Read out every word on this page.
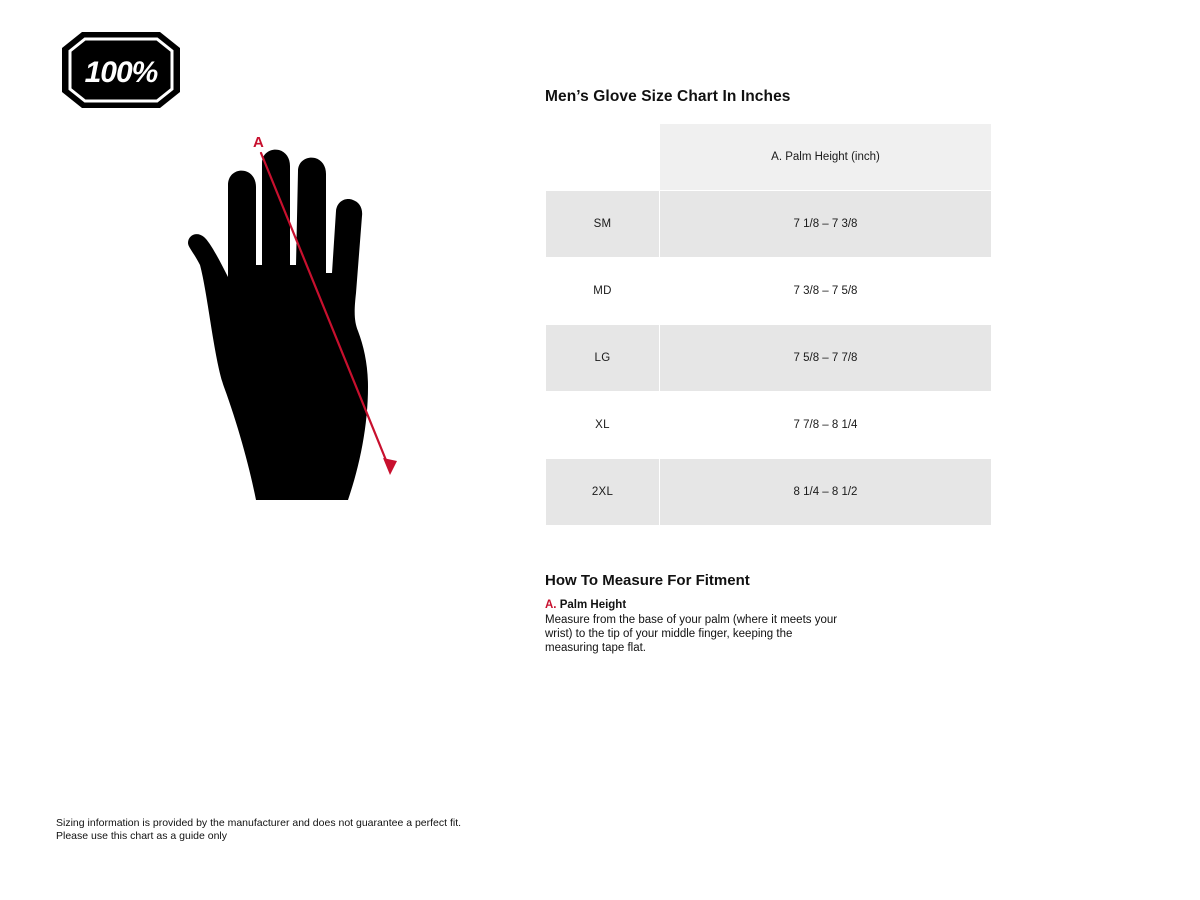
100%
A
Men’s Glove Size Chart In Inches
	A. Palm Height (inch)
SM	7 1/8 – 7 3/8
MD	7 3/8 – 7 5/8
LG	7 5/8 – 7 7/8
XL	7 7/8 – 8 1/4
2XL	8 1/4 – 8 1/2
How To Measure For Fitment
A. Palm Height
Measure from the base of your palm (where it meets your wrist) to the tip of your middle finger, keeping the measuring tape flat.
Sizing information is provided by the manufacturer and does not guarantee a perfect fit.
Please use this chart as a guide only
